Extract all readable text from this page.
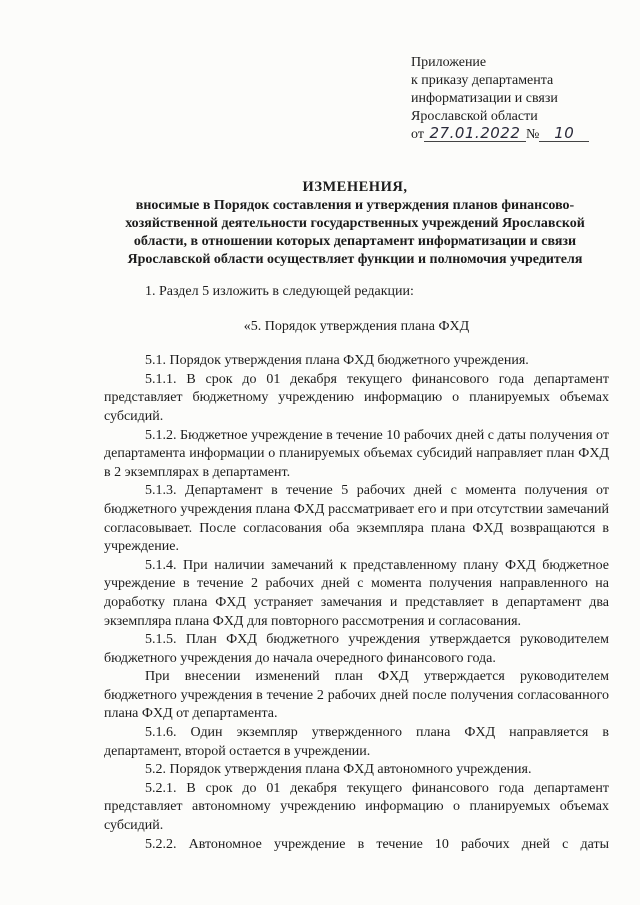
Приложение
к приказу департамента
информатизации и связи
Ярославской области
от 27.01.2022 № 10
ИЗМЕНЕНИЯ,
вносимые в Порядок составления и утверждения планов финансово-
хозяйственной деятельности государственных учреждений Ярославской
области, в отношении которых департамент информатизации и связи
Ярославской области осуществляет функции и полномочия учредителя

1. Раздел 5 изложить в следующей редакции:

«5. Порядок утверждения плана ФХД

5.1. Порядок утверждения плана ФХД бюджетного учреждения.

5.1.1. В срок до 01 декабря текущего финансового года департамент представляет бюджетному учреждению информацию о планируемых объемах субсидий.

5.1.2. Бюджетное учреждение в течение 10 рабочих дней с даты получения от департамента информации о планируемых объемах субсидий направляет план ФХД в 2 экземплярах в департамент.

5.1.3. Департамент в течение 5 рабочих дней с момента получения от бюджетного учреждения плана ФХД рассматривает его и при отсутствии замечаний согласовывает. После согласования оба экземпляра плана ФХД возвращаются в учреждение.

5.1.4. При наличии замечаний к представленному плану ФХД бюджетное учреждение в течение 2 рабочих дней с момента получения направленного на доработку плана ФХД устраняет замечания и представляет в департамент два экземпляра плана ФХД для повторного рассмотрения и согласования.

5.1.5. План ФХД бюджетного учреждения утверждается руководителем бюджетного учреждения до начала очередного финансового года.

При внесении изменений план ФХД утверждается руководителем бюджетного учреждения в течение 2 рабочих дней после получения согласованного плана ФХД от департамента.

5.1.6. Один экземпляр утвержденного плана ФХД направляется в департамент, второй остается в учреждении.

5.2. Порядок утверждения плана ФХД автономного учреждения.

5.2.1. В срок до 01 декабря текущего финансового года департамент представляет автономному учреждению информацию о планируемых объемах субсидий.

5.2.2. Автономное учреждение в течение 10 рабочих дней с даты
